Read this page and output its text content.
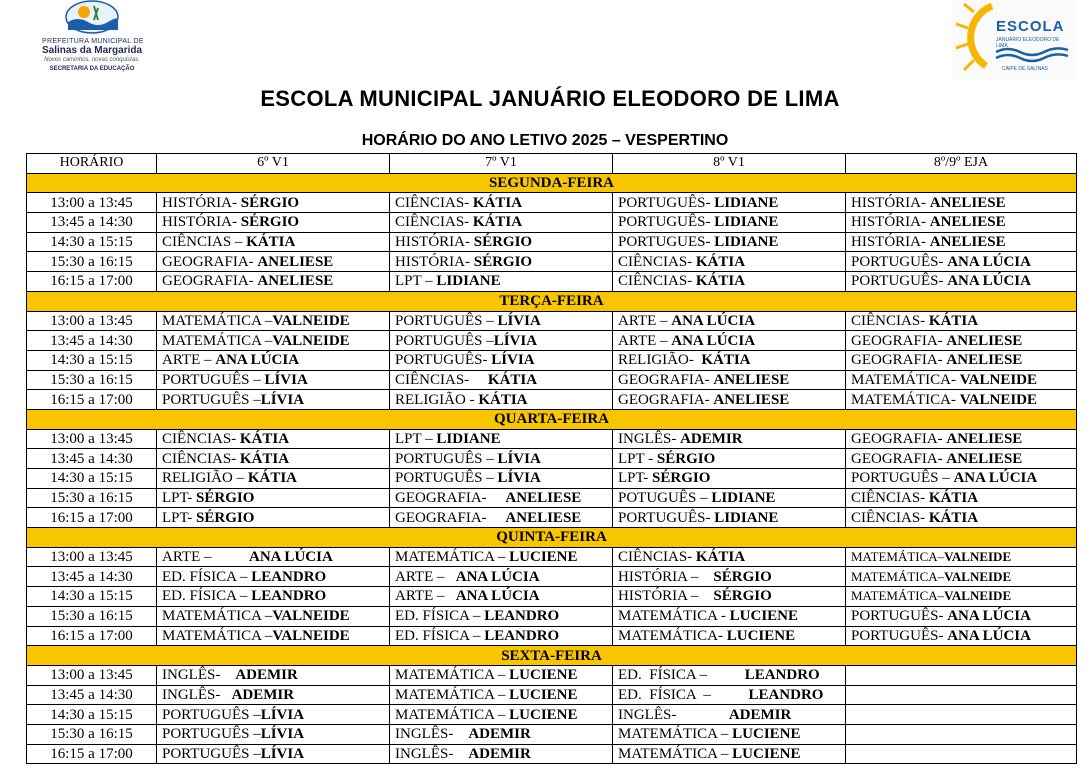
PREFEITURA MUNICIPAL DE
Salinas da Margarida
Novos caminhos, novas conquistas.
SECRETARIA DA EDUCAÇÃO
ESCOLA
JANUÁRIO ELEODORO DE LIMA
CAIPE DE SALINAS
ESCOLA MUNICIPAL JANUÁRIO ELEODORO DE LIMA
HORÁRIO DO ANO LETIVO 2025 – VESPERTINO
HORÁRIO	6º V1	7º V1	8º V1	8º/9º EJA
SEGUNDA-FEIRA				
13:00 a 13:45	HISTÓRIA- SÉRGIO	CIÊNCIAS- KÁTIA	PORTUGUÊS- LIDIANE	HISTÓRIA- ANELIESE
13:45 a 14:30	HISTÓRIA- SÉRGIO	CIÊNCIAS- KÁTIA	PORTUGUÊS- LIDIANE	HISTÓRIA- ANELIESE
14:30 a 15:15	CIÊNCIAS – KÁTIA	HISTÓRIA- SÉRGIO	PORTUGUES- LIDIANE	HISTÓRIA- ANELIESE
15:30 a 16:15	GEOGRAFIA- ANELIESE	HISTÓRIA- SÉRGIO	CIÊNCIAS- KÁTIA	PORTUGUÊS- ANA LÚCIA
16:15 a 17:00	GEOGRAFIA- ANELIESE	LPT – LIDIANE	CIÊNCIAS- KÁTIA	PORTUGUÊS- ANA LÚCIA
TERÇA-FEIRA				
13:00 a 13:45	MATEMÁTICA –VALNEIDE	PORTUGUÊS – LÍVIA	ARTE – ANA LÚCIA	CIÊNCIAS- KÁTIA
13:45 a 14:30	MATEMÁTICA –VALNEIDE	PORTUGUÊS –LÍVIA	ARTE – ANA LÚCIA	GEOGRAFIA- ANELIESE
14:30 a 15:15	ARTE – ANA LÚCIA	PORTUGUÊS- LÍVIA	RELIGIÃO-  KÁTIA	GEOGRAFIA- ANELIESE
15:30 a 16:15	PORTUGUÊS – LÍVIA	CIÊNCIAS-     KÁTIA	GEOGRAFIA- ANELIESE	MATEMÁTICA- VALNEIDE
16:15 a 17:00	PORTUGUÊS –LÍVIA	RELIGIÃO - KÁTIA	GEOGRAFIA- ANELIESE	MATEMÁTICA- VALNEIDE
QUARTA-FEIRA				
13:00 a 13:45	CIÊNCIAS- KÁTIA	LPT – LIDIANE	INGLÊS- ADEMIR	GEOGRAFIA- ANELIESE
13:45 a 14:30	CIÊNCIAS- KÁTIA	PORTUGUÊS – LÍVIA	LPT - SÉRGIO	GEOGRAFIA- ANELIESE
14:30 a 15:15	RELIGIÃO – KÁTIA	PORTUGUÊS – LÍVIA	LPT- SÉRGIO	PORTUGUÊS – ANA LÚCIA
15:30 a 16:15	LPT- SÉRGIO	GEOGRAFIA-     ANELIESE	POTUGUÊS – LIDIANE	CIÊNCIAS- KÁTIA
16:15 a 17:00	LPT- SÉRGIO	GEOGRAFIA-     ANELIESE	PORTUGUÊS- LIDIANE	CIÊNCIAS- KÁTIA
QUINTA-FEIRA				
13:00 a 13:45	ARTE –          ANA LÚCIA	MATEMÁTICA – LUCIENE	CIÊNCIAS- KÁTIA	MATEMÁTICA–VALNEIDE
13:45 a 14:30	ED. FÍSICA – LEANDRO	ARTE –   ANA LÚCIA	HISTÓRIA –    SÉRGIO	MATEMÁTICA–VALNEIDE
14:30 a 15:15	ED. FÍSICA – LEANDRO	ARTE –   ANA LÚCIA	HISTÓRIA –    SÉRGIO	MATEMÁTICA–VALNEIDE
15:30 a 16:15	MATEMÁTICA –VALNEIDE	ED. FÍSICA – LEANDRO	MATEMÁTICA - LUCIENE	PORTUGUÊS- ANA LÚCIA
16:15 a 17:00	MATEMÁTICA –VALNEIDE	ED. FÍSICA – LEANDRO	MATEMÁTICA- LUCIENE	PORTUGUÊS- ANA LÚCIA
SEXTA-FEIRA				
13:00 a 13:45	INGLÊS-    ADEMIR	MATEMÁTICA – LUCIENE	ED.  FÍSICA –          LEANDRO	
13:45 a 14:30	INGLÊS-   ADEMIR	MATEMÁTICA – LUCIENE	ED.  FÍSICA  –          LEANDRO	
14:30 a 15:15	PORTUGUÊS –LÍVIA	MATEMÁTICA – LUCIENE	INGLÊS-              ADEMIR	
15:30 a 16:15	PORTUGUÊS –LÍVIA	INGLÊS-    ADEMIR	MATEMÁTICA – LUCIENE	
16:15 a 17:00	PORTUGUÊS –LÍVIA	INGLÊS-    ADEMIR	MATEMÁTICA – LUCIENE	
